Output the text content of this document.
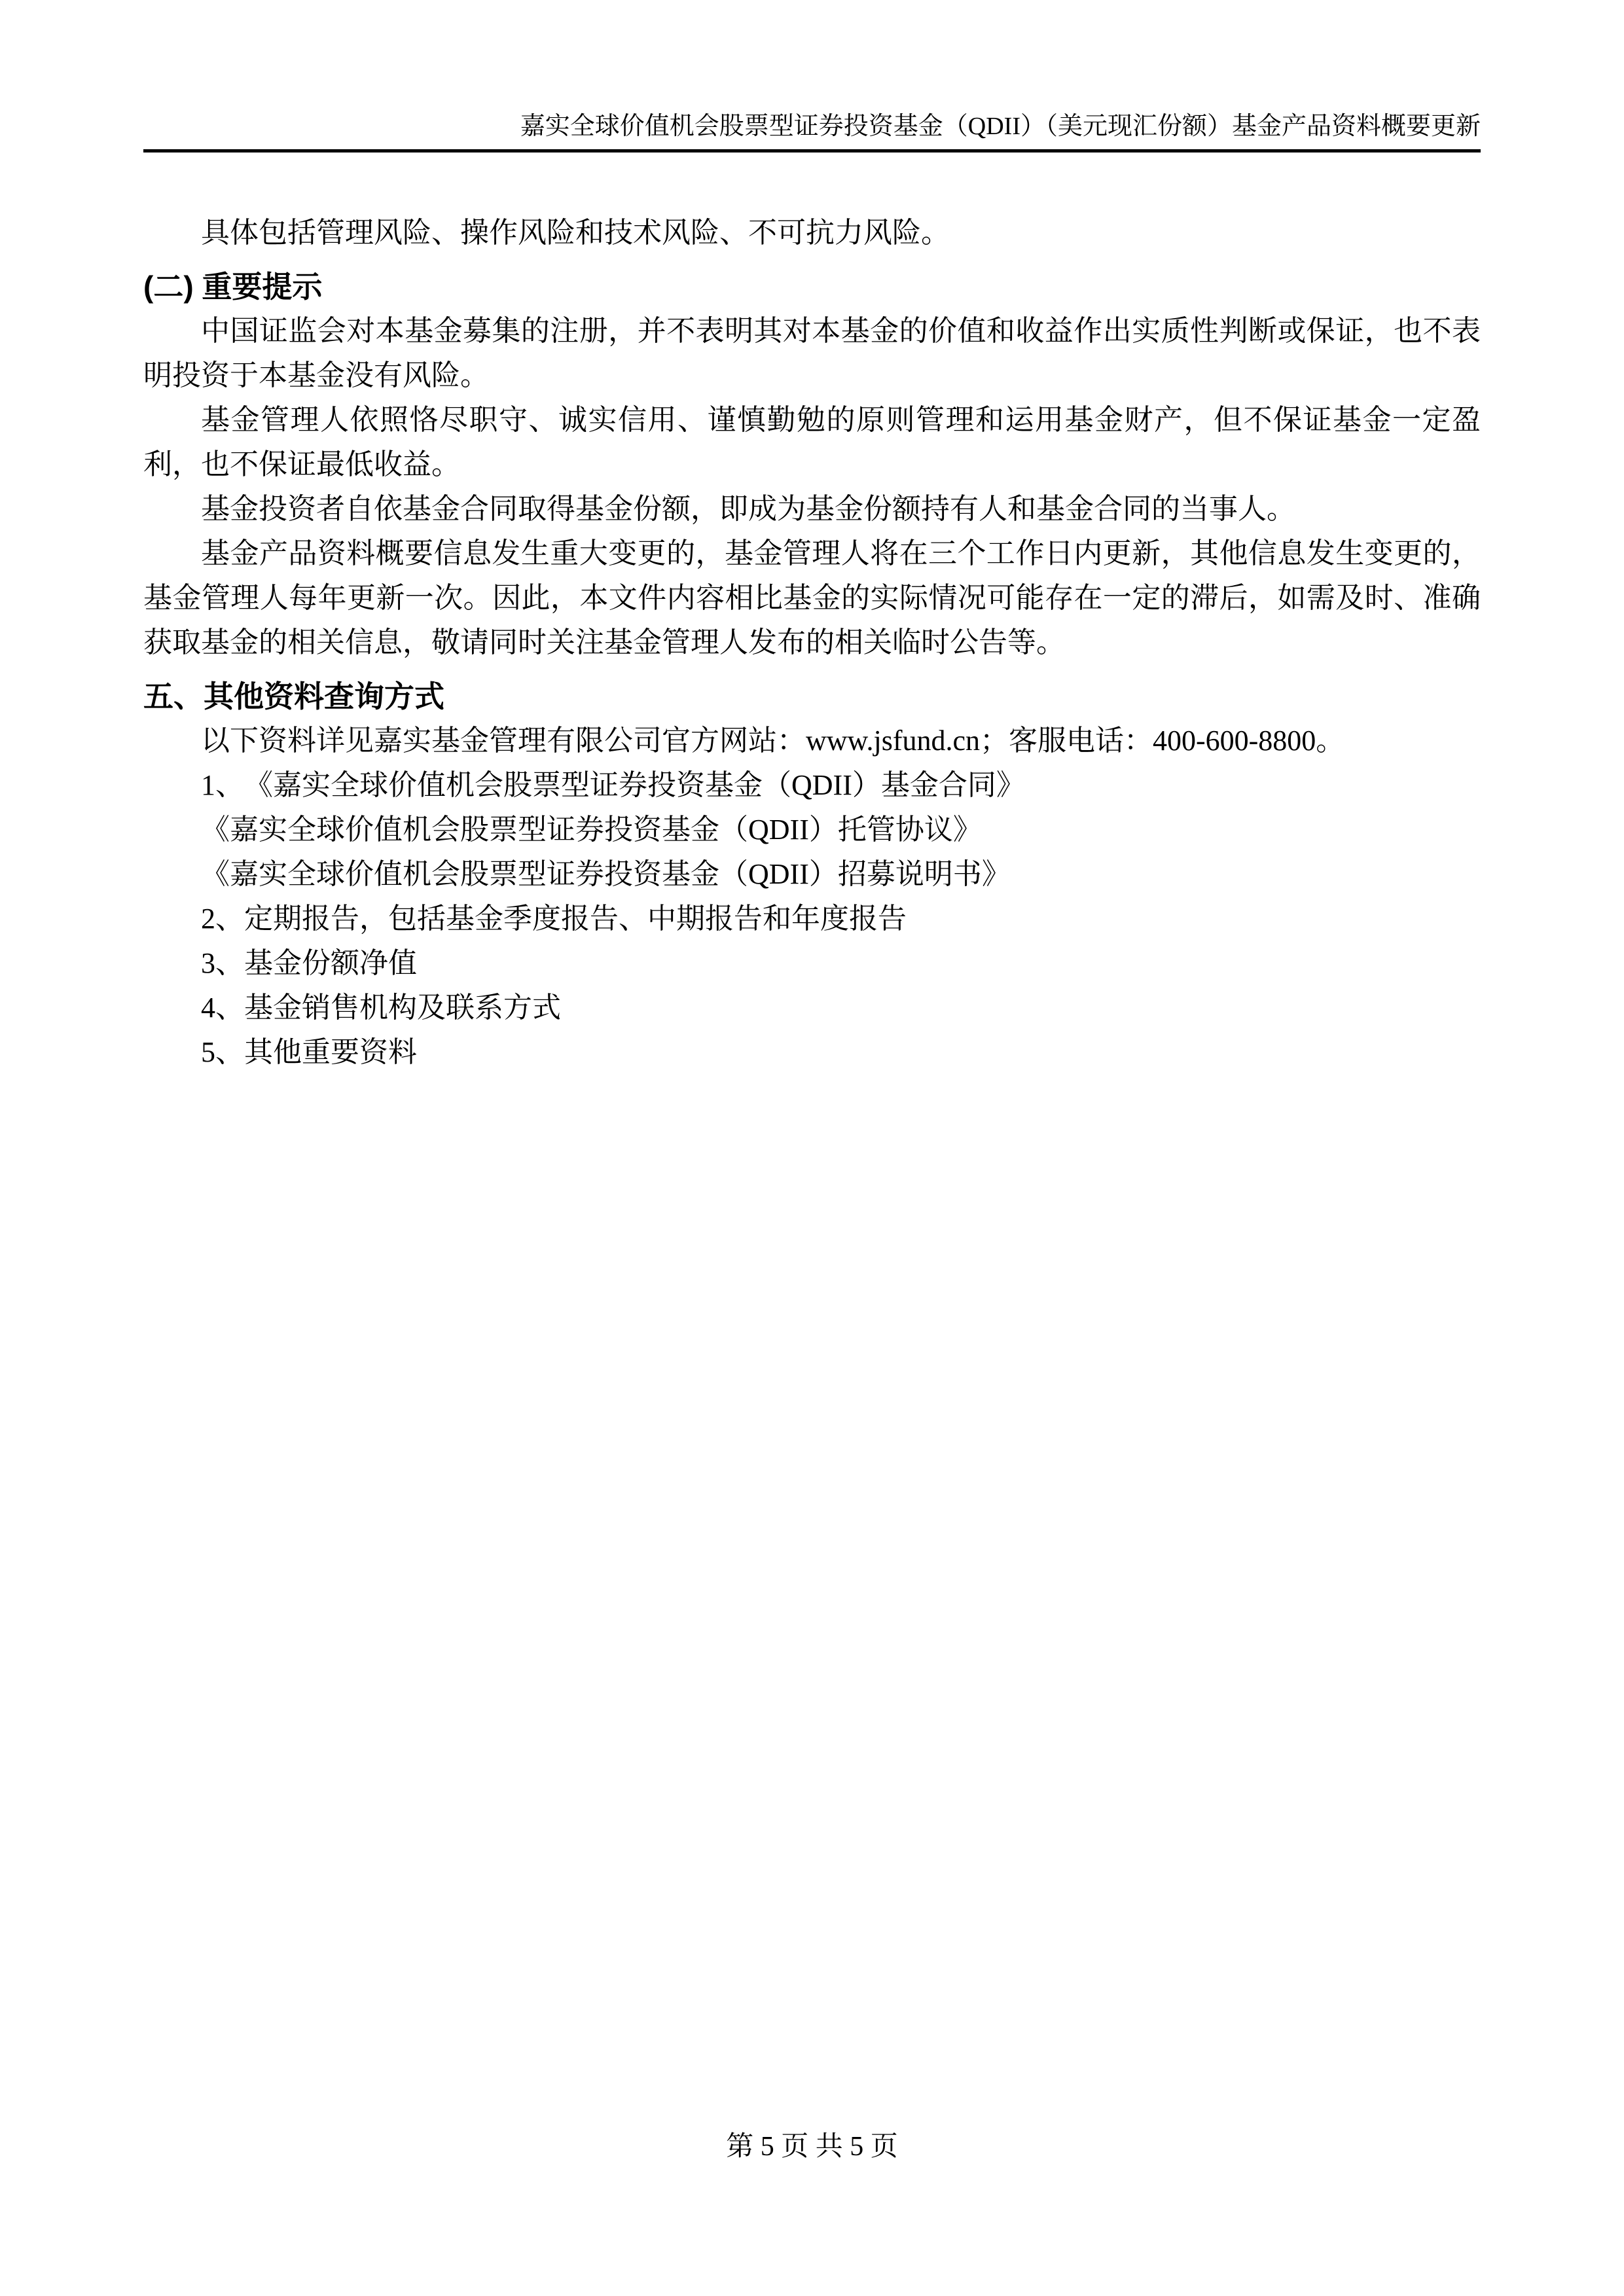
嘉实全球价值机会股票型证券投资基金（QDII）（美元现汇份额）基金产品资料概要更新

具体包括管理风险、操作风险和技术风险、不可抗力风险。

(二) 重要提示

中国证监会对本基金募集的注册，并不表明其对本基金的价值和收益作出实质性判断或保证，也不表明投资于本基金没有风险。

基金管理人依照恪尽职守、诚实信用、谨慎勤勉的原则管理和运用基金财产，但不保证基金一定盈利，也不保证最低收益。

基金投资者自依基金合同取得基金份额，即成为基金份额持有人和基金合同的当事人。

基金产品资料概要信息发生重大变更的，基金管理人将在三个工作日内更新，其他信息发生变更的，基金管理人每年更新一次。因此，本文件内容相比基金的实际情况可能存在一定的滞后，如需及时、准确获取基金的相关信息，敬请同时关注基金管理人发布的相关临时公告等。

五、其他资料查询方式

以下资料详见嘉实基金管理有限公司官方网站：www.jsfund.cn；客服电话：400-600-8800。

1、　《嘉实全球价值机会股票型证券投资基金（QDII）基金合同》
《嘉实全球价值机会股票型证券投资基金（QDII）托管协议》
《嘉实全球价值机会股票型证券投资基金（QDII）招募说明书》
2、定期报告，包括基金季度报告、中期报告和年度报告
3、基金份额净值
4、基金销售机构及联系方式
5、其他重要资料
第 5 页 共 5 页
